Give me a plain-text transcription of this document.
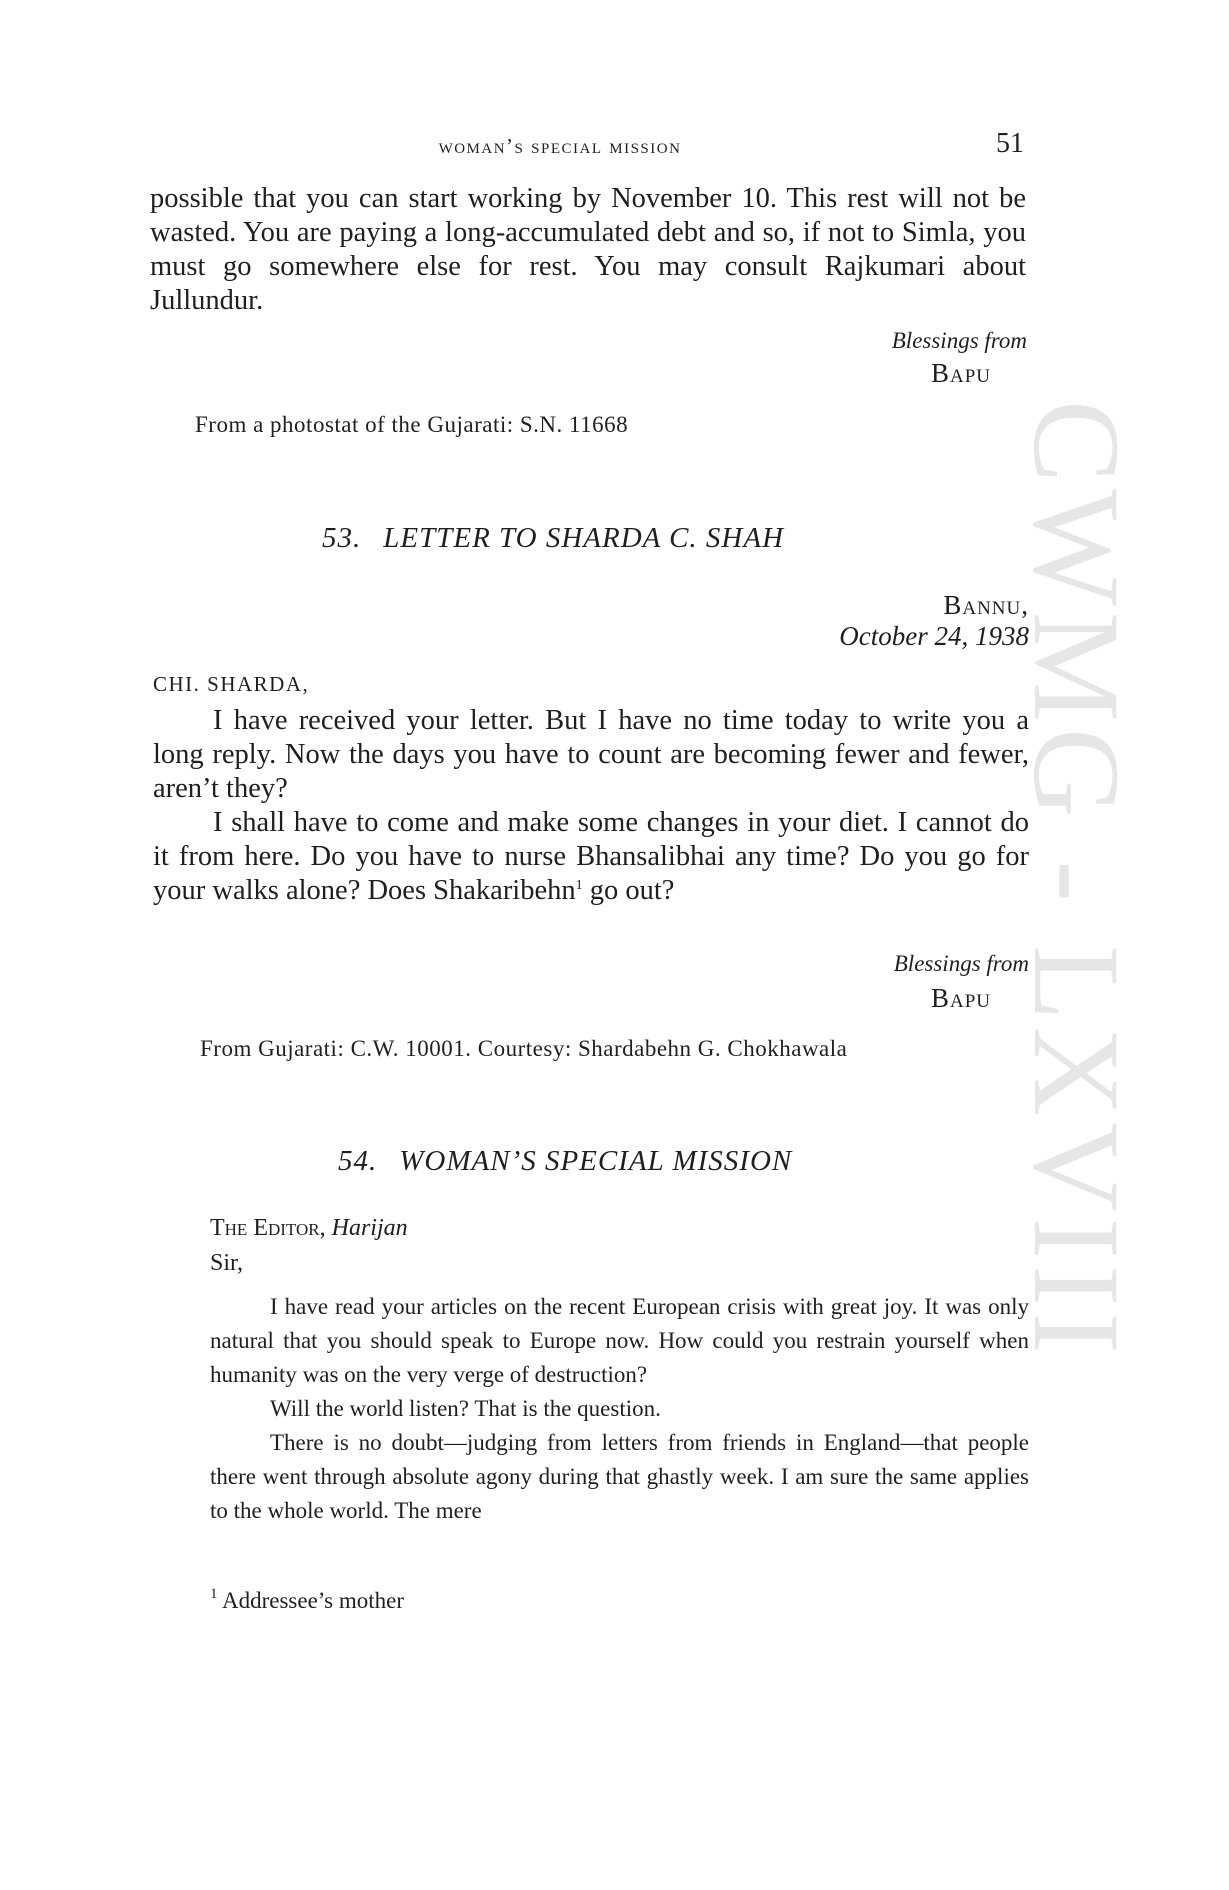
CWMG - LXVIII
woman’s special mission	51

possible that you can start working by November 10. This rest will not be wasted. You are paying a long-accumulated debt and so, if not to Simla, you must go somewhere else for rest. You may consult Rajkumari about Jullundur.

Blessings from
Bapu
From a photostat of the Gujarati: S.N. 11668
53. LETTER TO SHARDA C. SHAH
Bannu,
October 24, 1938
CHI. SHARDA,

I have received your letter. But I have no time today to write you a long reply. Now the days you have to count are becoming fewer and fewer, aren’t they?

I shall have to come and make some changes in your diet. I cannot do it from here. Do you have to nurse Bhansalibhai any time? Do you go for your walks alone? Does Shakaribehn$^1$ go out?

Blessings from
Bapu
From Gujarati: C.W. 10001. Courtesy: Shardabehn G. Chokhawala
54. WOMAN’S SPECIAL MISSION
The Editor, Harijan
Sir,

I have read your articles on the recent European crisis with great joy. It was only natural that you should speak to Europe now. How could you restrain yourself when humanity was on the very verge of destruction?

Will the world listen? That is the question.

There is no doubt—judging from letters from friends in England—that people there went through absolute agony during that ghastly week. I am sure the same applies to the whole world. The mere

$^1$ Addressee’s mother
